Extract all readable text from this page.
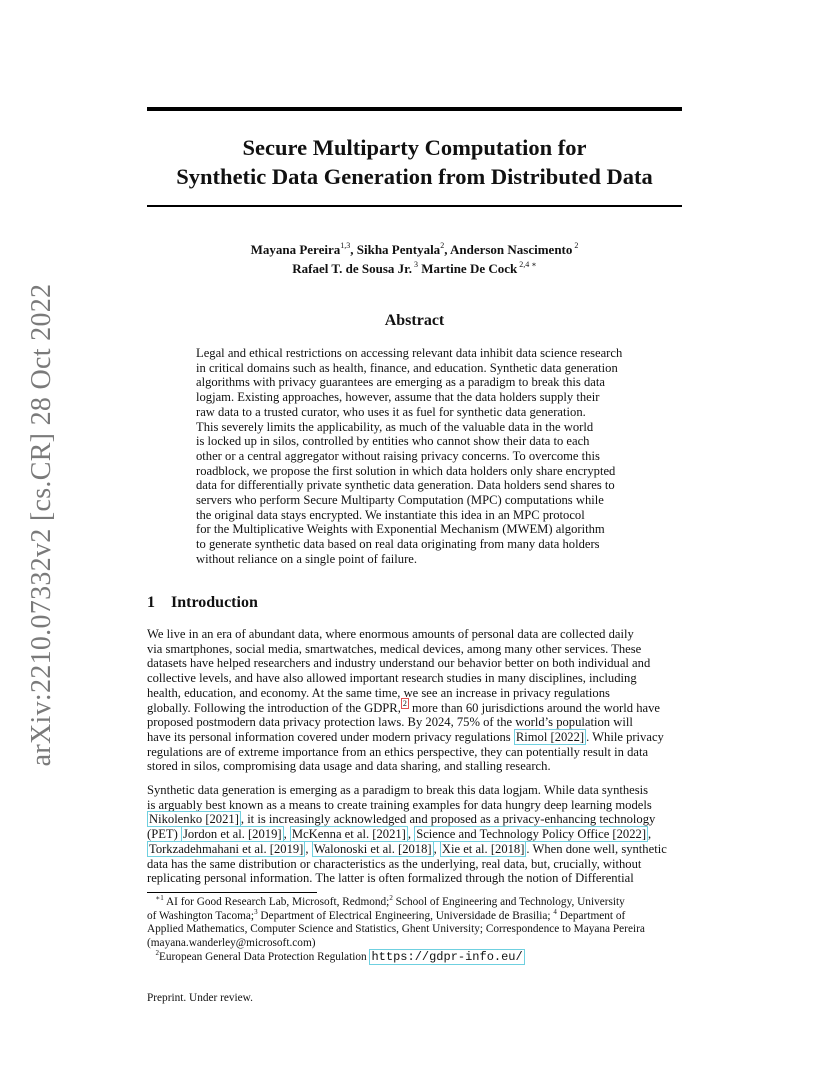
arXiv:2210.07332v2 [cs.CR] 28 Oct 2022
Secure Multiparty Computation for
Synthetic Data Generation from Distributed Data
Mayana Pereira$^{1,3}$, Sikha Pentyala$^2$, Anderson Nascimento $^2$
Rafael T. de Sousa Jr. $^3$ Martine De Cock $^{2,4}$ ∗
Abstract
Legal and ethical restrictions on accessing relevant data inhibit data science research
in critical domains such as health, finance, and education. Synthetic data generation
algorithms with privacy guarantees are emerging as a paradigm to break this data
logjam. Existing approaches, however, assume that the data holders supply their
raw data to a trusted curator, who uses it as fuel for synthetic data generation.
This severely limits the applicability, as much of the valuable data in the world
is locked up in silos, controlled by entities who cannot show their data to each
other or a central aggregator without raising privacy concerns. To overcome this
roadblock, we propose the first solution in which data holders only share encrypted
data for differentially private synthetic data generation. Data holders send shares to
servers who perform Secure Multiparty Computation (MPC) computations while
the original data stays encrypted. We instantiate this idea in an MPC protocol
for the Multiplicative Weights with Exponential Mechanism (MWEM) algorithm
to generate synthetic data based on real data originating from many data holders
without reliance on a single point of failure.
1 Introduction
We live in an era of abundant data, where enormous amounts of personal data are collected daily
via smartphones, social media, smartwatches, medical devices, among many other services. These
datasets have helped researchers and industry understand our behavior better on both individual and
collective levels, and have also allowed important research studies in many disciplines, including
health, education, and economy. At the same time, we see an increase in privacy regulations
globally. Following the introduction of the GDPR, $^2$ more than 60 jurisdictions around the world have
proposed postmodern data privacy protection laws. By 2024, 75% of the world’s population will
have its personal information covered under modern privacy regulations Rimol [2022] . While privacy
regulations are of extreme importance from an ethics perspective, they can potentially result in data
stored in silos, compromising data usage and data sharing, and stalling research.
Synthetic data generation is emerging as a paradigm to break this data logjam. While data synthesis
is arguably best known as a means to create training examples for data hungry deep learning models
Nikolenko [2021] , it is increasingly acknowledged and proposed as a privacy-enhancing technology
(PET) Jordon et al. [2019] , McKenna et al. [2021] , Science and Technology Policy Office [2022] ,
Torkzadehmahani et al. [2019] , Walonoski et al. [2018] , Xie et al. [2018] . When done well, synthetic
data has the same distribution or characteristics as the underlying, real data, but, crucially, without
replicating personal information. The latter is often formalized through the notion of Differential
$^{∗1}$ AI for Good Research Lab, Microsoft, Redmond;$^2$ School of Engineering and Technology, University
of Washington Tacoma;$^3$ Department of Electrical Engineering, Universidade de Brasilia; $^4$ Department of
Applied Mathematics, Computer Science and Statistics, Ghent University; Correspondence to Mayana Pereira
(mayana.wanderley@microsoft.com)
$^2$European General Data Protection Regulation https://gdpr-info.eu/
Preprint. Under review.
